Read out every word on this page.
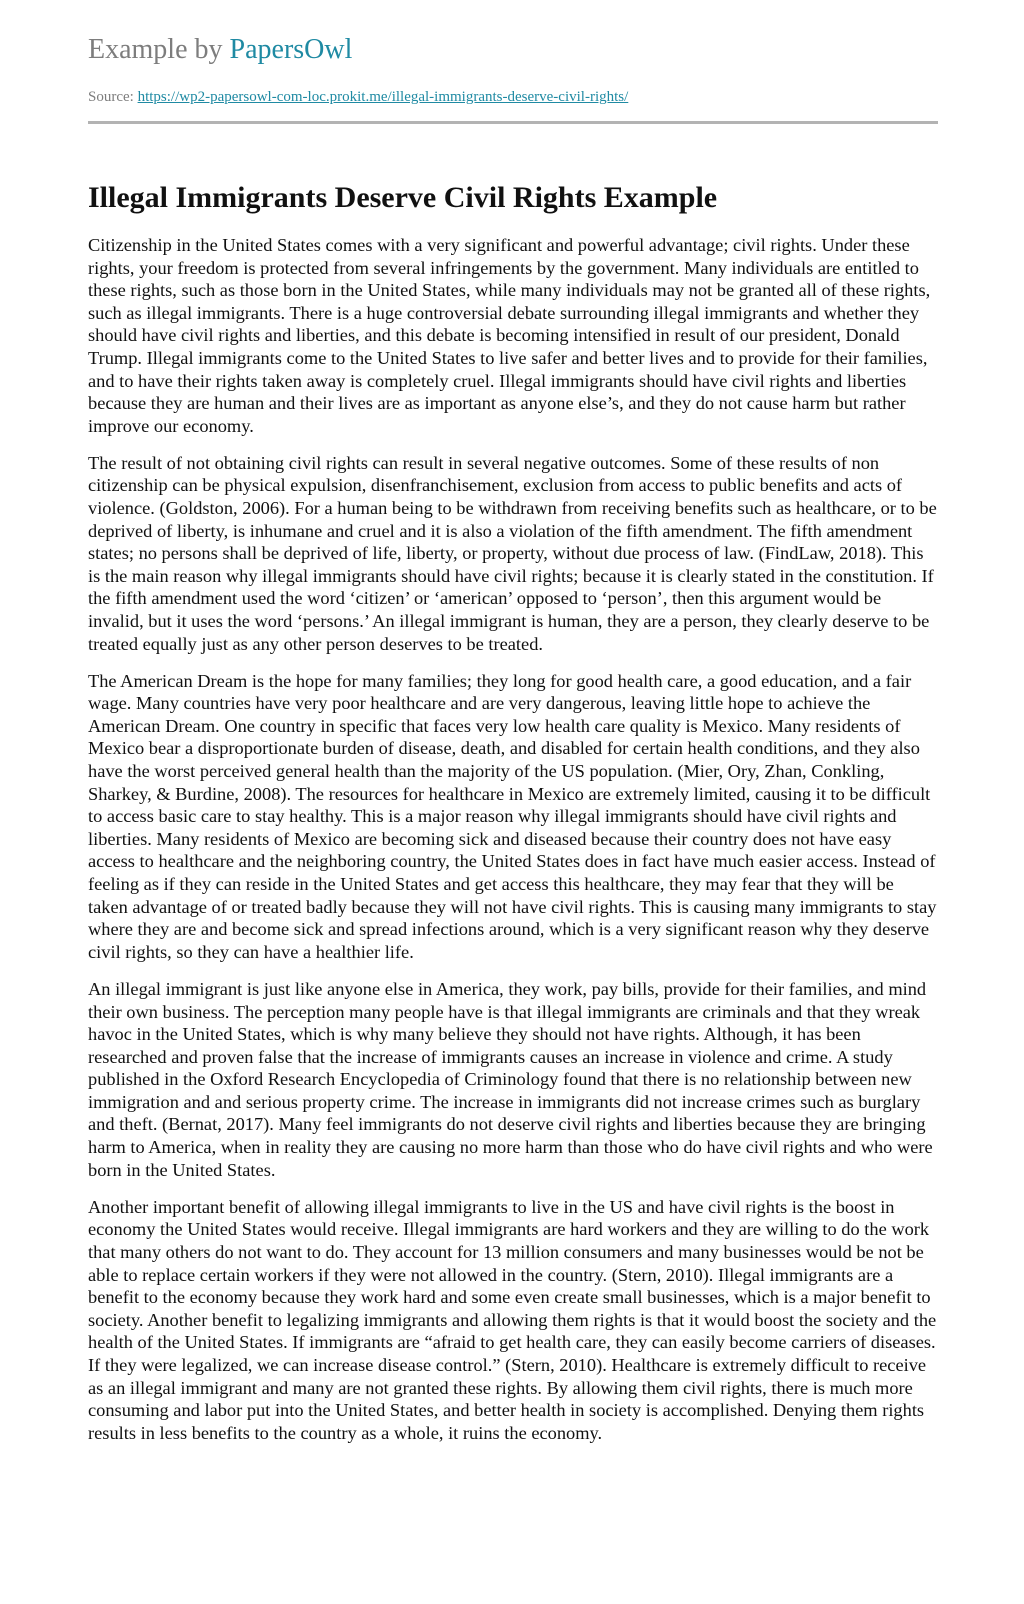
Example by PapersOwl
Source: https://wp2-papersowl-com-loc.prokit.me/illegal-immigrants-deserve-civil-rights/
Illegal Immigrants Deserve Civil Rights Example

Citizenship in the United States comes with a very significant and powerful advantage; civil rights. Under these rights, your freedom is protected from several infringements by the government. Many individuals are entitled to these rights, such as those born in the United States, while many individuals may not be granted all of these rights, such as illegal immigrants. There is a huge controversial debate surrounding illegal immigrants and whether they should have civil rights and liberties, and this debate is becoming intensified in result of our president, Donald Trump. Illegal immigrants come to the United States to live safer and better lives and to provide for their families, and to have their rights taken away is completely cruel. Illegal immigrants should have civil rights and liberties because they are human and their lives are as important as anyone else’s, and they do not cause harm but rather improve our economy.

The result of not obtaining civil rights can result in several negative outcomes. Some of these results of non citizenship can be physical expulsion, disenfranchisement, exclusion from access to public benefits and acts of violence. (Goldston, 2006). For a human being to be withdrawn from receiving benefits such as healthcare, or to be deprived of liberty, is inhumane and cruel and it is also a violation of the fifth amendment. The fifth amendment states; no persons shall be deprived of life, liberty, or property, without due process of law. (FindLaw, 2018). This is the main reason why illegal immigrants should have civil rights; because it is clearly stated in the constitution. If the fifth amendment used the word ‘citizen’ or ‘american’ opposed to ‘person’, then this argument would be invalid, but it uses the word ‘persons.’ An illegal immigrant is human, they are a person, they clearly deserve to be treated equally just as any other person deserves to be treated.

The American Dream is the hope for many families; they long for good health care, a good education, and a fair wage. Many countries have very poor healthcare and are very dangerous, leaving little hope to achieve the American Dream. One country in specific that faces very low health care quality is Mexico. Many residents of Mexico bear a disproportionate burden of disease, death, and disabled for certain health conditions, and they also have the worst perceived general health than the majority of the US population. (Mier, Ory, Zhan, Conkling, Sharkey, & Burdine, 2008). The resources for healthcare in Mexico are extremely limited, causing it to be difficult to access basic care to stay healthy. This is a major reason why illegal immigrants should have civil rights and liberties. Many residents of Mexico are becoming sick and diseased because their country does not have easy access to healthcare and the neighboring country, the United States does in fact have much easier access. Instead of feeling as if they can reside in the United States and get access this healthcare, they may fear that they will be taken advantage of or treated badly because they will not have civil rights. This is causing many immigrants to stay where they are and become sick and spread infections around, which is a very significant reason why they deserve civil rights, so they can have a healthier life.

An illegal immigrant is just like anyone else in America, they work, pay bills, provide for their families, and mind their own business. The perception many people have is that illegal immigrants are criminals and that they wreak havoc in the United States, which is why many believe they should not have rights. Although, it has been researched and proven false that the increase of immigrants causes an increase in violence and crime. A study published in the Oxford Research Encyclopedia of Criminology found that there is no relationship between new immigration and and serious property crime. The increase in immigrants did not increase crimes such as burglary and theft. (Bernat, 2017). Many feel immigrants do not deserve civil rights and liberties because they are bringing harm to America, when in reality they are causing no more harm than those who do have civil rights and who were born in the United States.

Another important benefit of allowing illegal immigrants to live in the US and have civil rights is the boost in economy the United States would receive. Illegal immigrants are hard workers and they are willing to do the work that many others do not want to do. They account for 13 million consumers and many businesses would be not be able to replace certain workers if they were not allowed in the country. (Stern, 2010). Illegal immigrants are a benefit to the economy because they work hard and some even create small businesses, which is a major benefit to society. Another benefit to legalizing immigrants and allowing them rights is that it would boost the society and the health of the United States. If immigrants are “afraid to get health care, they can easily become carriers of diseases. If they were legalized, we can increase disease control.” (Stern, 2010). Healthcare is extremely difficult to receive as an illegal immigrant and many are not granted these rights. By allowing them civil rights, there is much more consuming and labor put into the United States, and better health in society is accomplished. Denying them rights results in less benefits to the country as a whole, it ruins the economy.
